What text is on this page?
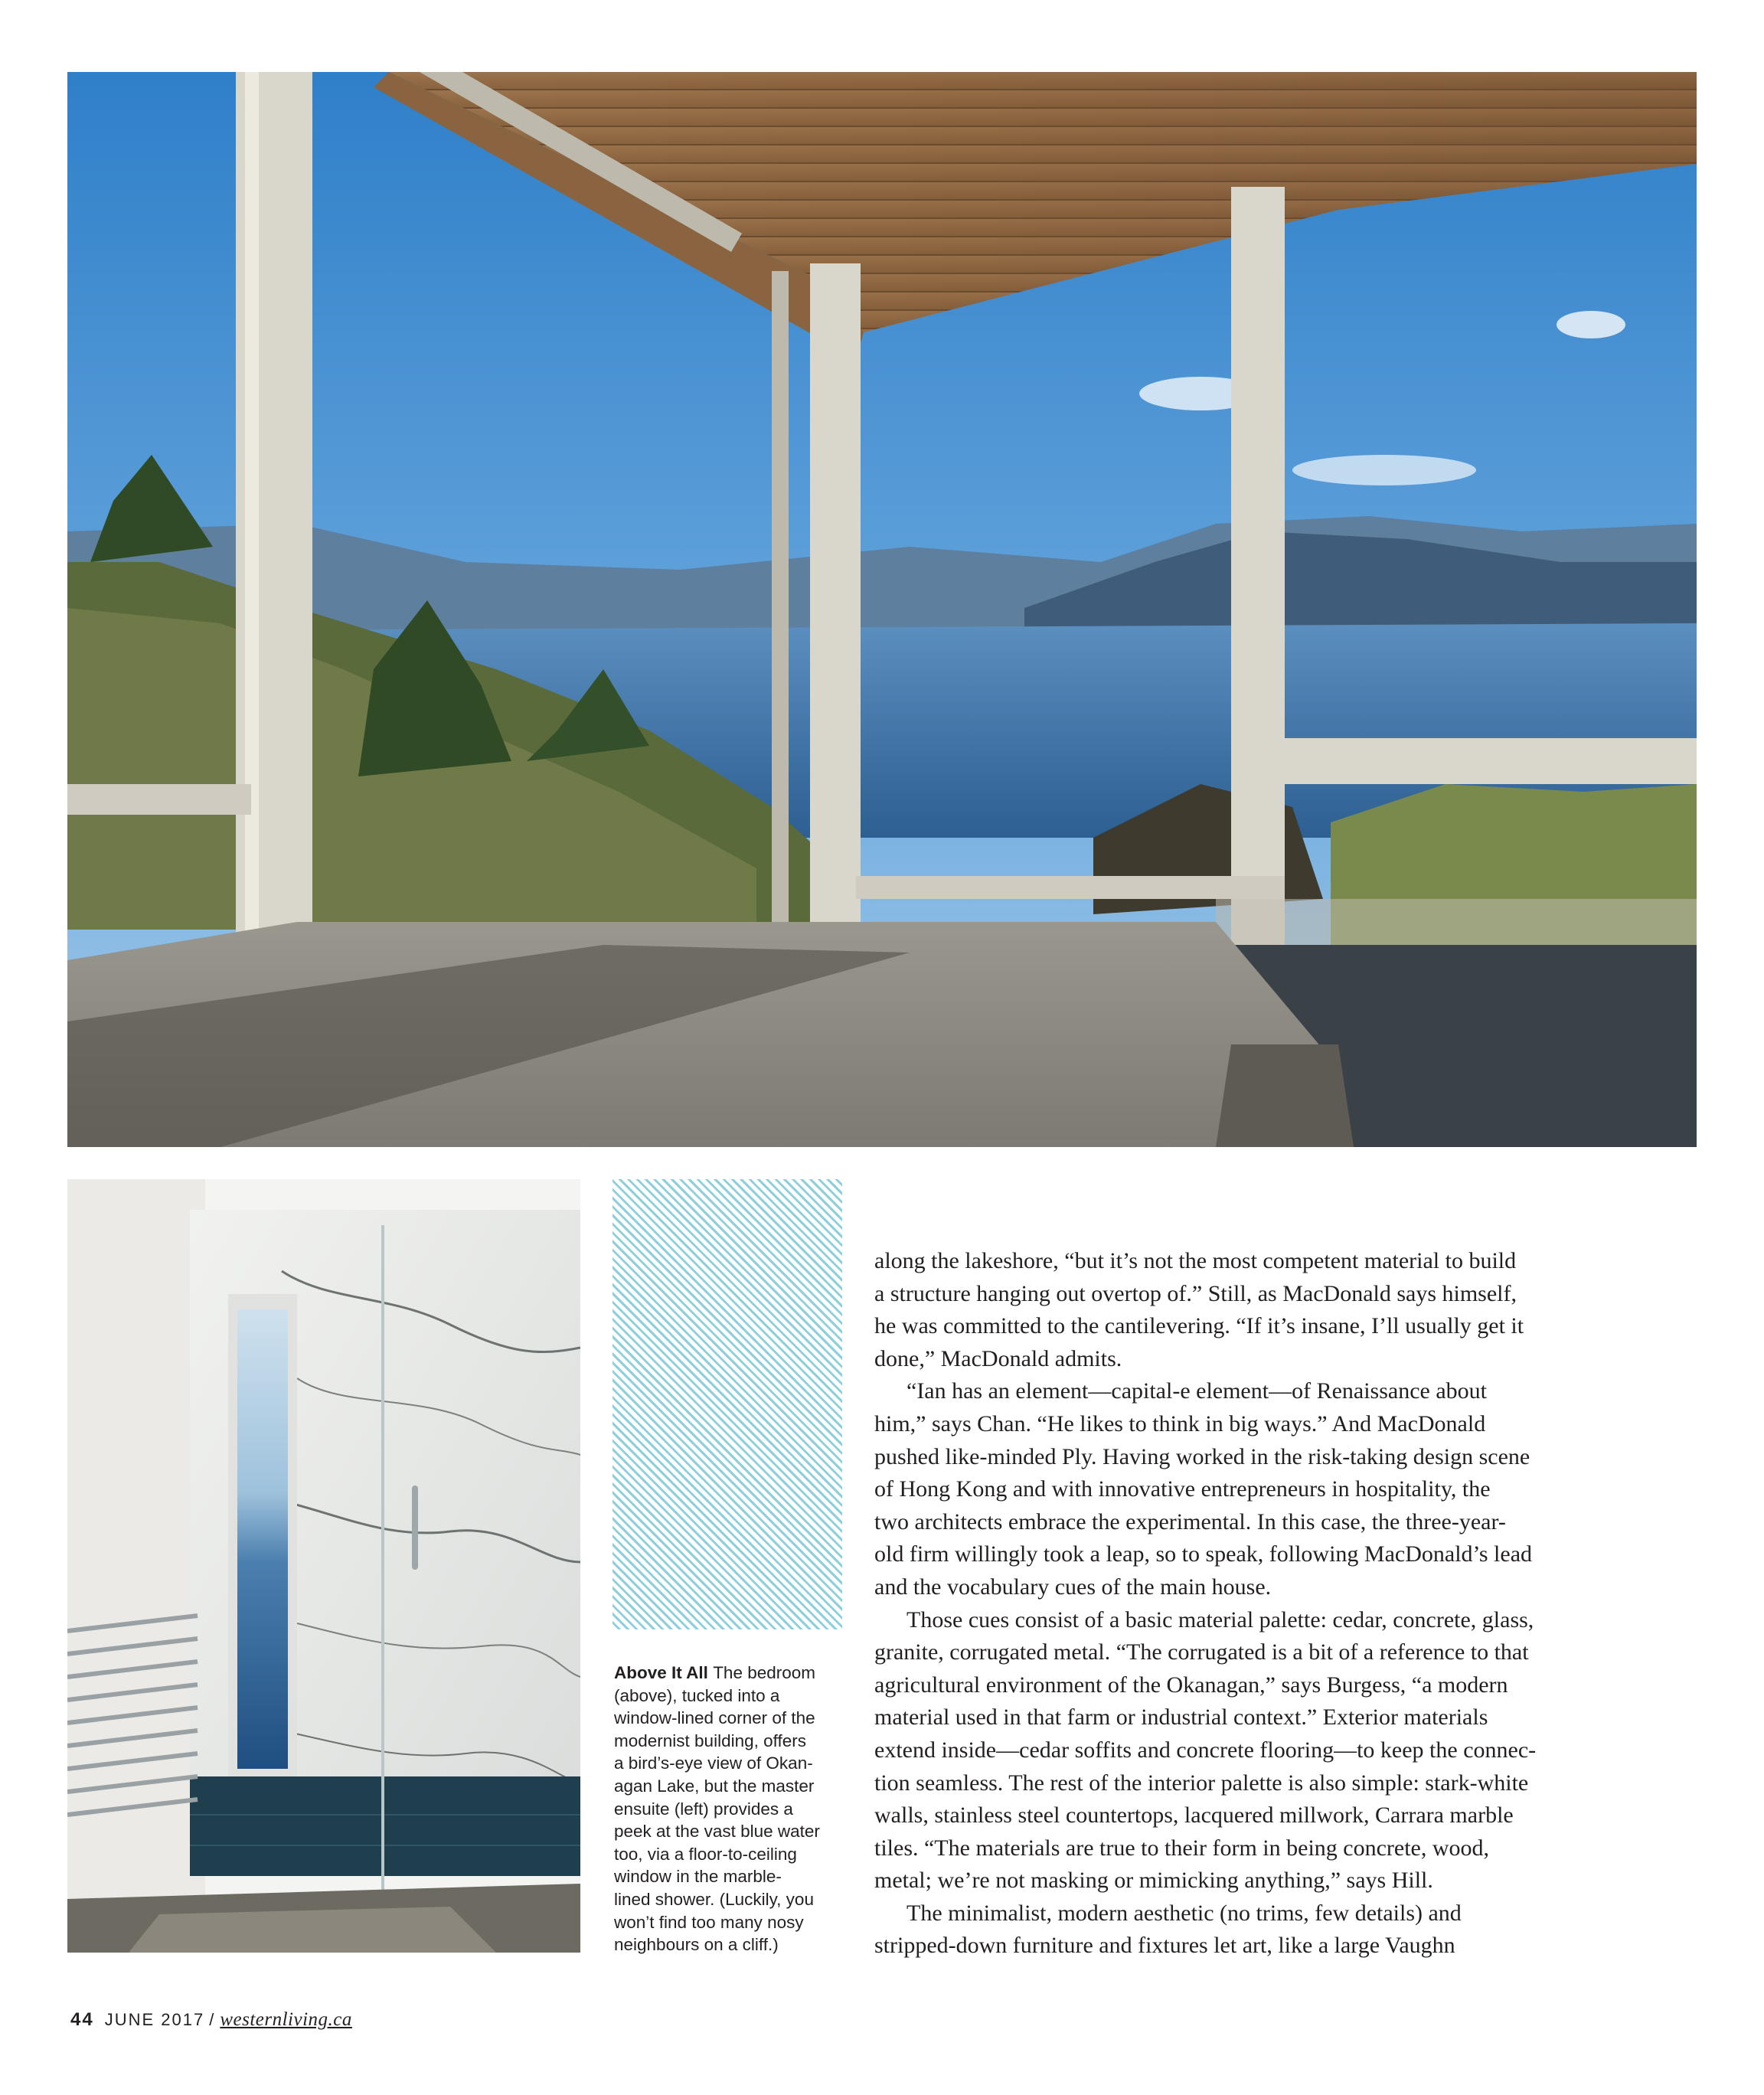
Above It All The bedroom
(above), tucked into a
window-lined corner of the
modernist building, offers
a bird’s-eye view of Okan-
agan Lake, but the master
ensuite (left) provides a
peek at the vast blue water
too, via a floor-to-ceiling
window in the marble-
lined shower. (Luckily, you
won’t find too many nosy
neighbours on a cliff.)
along the lakeshore, “but it’s not the most competent material to build
a structure hanging out overtop of.” Still, as MacDonald says himself,
he was committed to the cantilevering. “If it’s insane, I’ll usually get it
done,” MacDonald admits.
“Ian has an element—capital-e element—of Renaissance about
him,” says Chan. “He likes to think in big ways.” And MacDonald
pushed like-minded Ply. Having worked in the risk-taking design scene
of Hong Kong and with innovative entrepreneurs in hospitality, the
two architects embrace the experimental. In this case, the three-year-
old firm willingly took a leap, so to speak, following MacDonald’s lead
and the vocabulary cues of the main house.
Those cues consist of a basic material palette: cedar, concrete, glass,
granite, corrugated metal. “The corrugated is a bit of a reference to that
agricultural environment of the Okanagan,” says Burgess, “a modern
material used in that farm or industrial context.” Exterior materials
extend inside—cedar soffits and concrete flooring—to keep the connec-
tion seamless. The rest of the interior palette is also simple: stark-white
walls, stainless steel countertops, lacquered millwork, Carrara marble
tiles. “The materials are true to their form in being concrete, wood,
metal; we’re not masking or mimicking anything,” says Hill.
The minimalist, modern aesthetic (no trims, few details) and
stripped-down furniture and fixtures let art, like a large Vaughn
44 JUNE 2017 / westernliving.ca
